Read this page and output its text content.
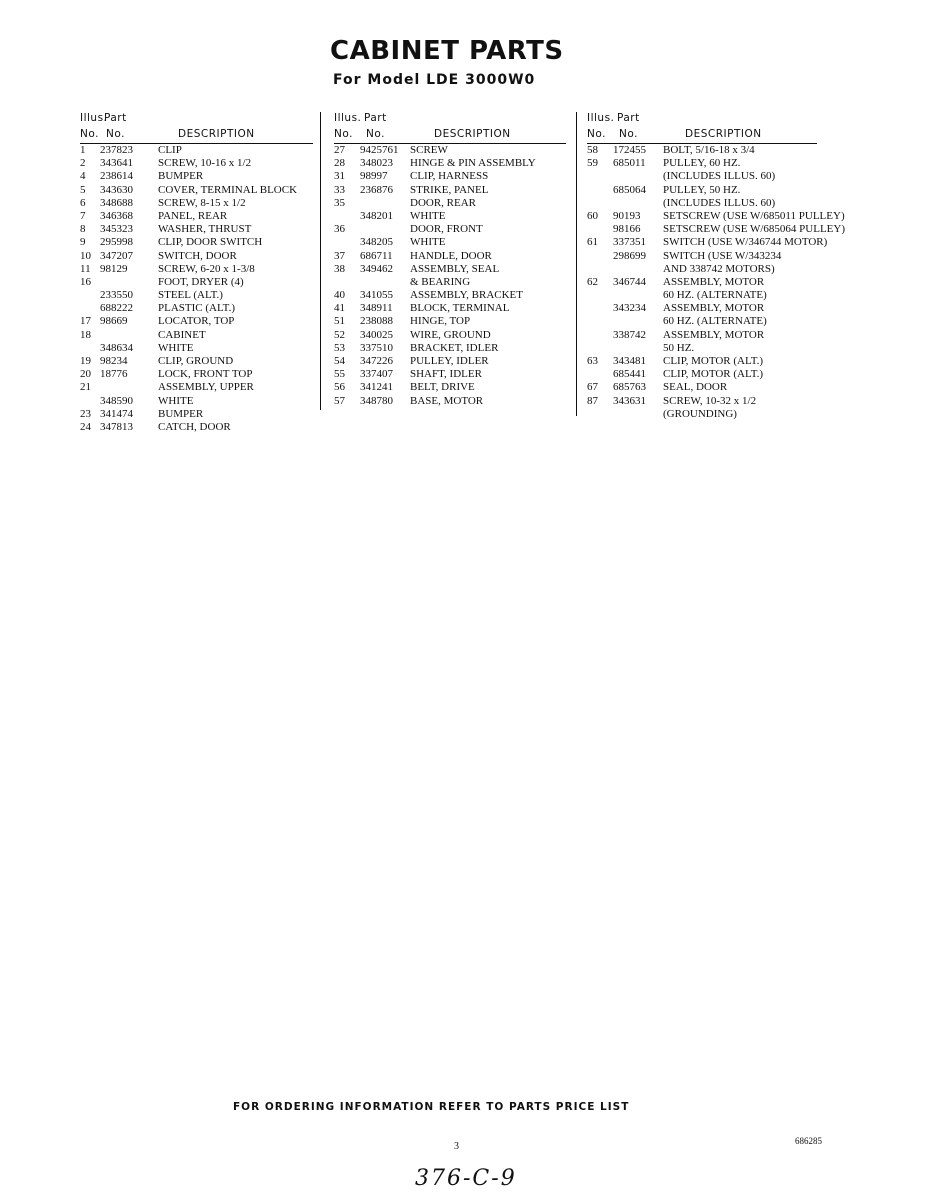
CABINET PARTS
For Model LDE 3000W0
Illus.
Part
No. No.	DESCRIPTION
1 237823 CLIP
2 343641 SCREW, 10-16 x 1/2
4 238614 BUMPER
5 343630 COVER, TERMINAL BLOCK
6 348688 SCREW, 8-15 x 1/2
7 346368 PANEL, REAR
8 345323 WASHER, THRUST
9 295998 CLIP, DOOR SWITCH
10 347207 SWITCH, DOOR
11 98129	SCREW, 6-20 x 1-3/8
16	FOOT, DRYER (4)
233550 STEEL (ALT.)
688222 PLASTIC (ALT.)
17 98669	LOCATOR, TOP
18	CABINET
348634 WHITE
19 98234	CLIP, GROUND
20 18776	LOCK, FRONT TOP
21	ASSEMBLY, UPPER
348590 WHITE
23 341474 BUMPER
24 347813 CATCH, DOOR
Illus. Part
No. No.	DESCRIPTION
27 9425761 SCREW
28 348023 HINGE & PIN ASSEMBLY
31 98997 CLIP, HARNESS
33 236876 STRIKE, PANEL
35	DOOR, REAR
348201 WHITE
36	DOOR, FRONT
348205 WHITE
37 686711 HANDLE, DOOR
38 349462 ASSEMBLY, SEAL
& BEARING
40 341055 ASSEMBLY, BRACKET
41 348911 BLOCK, TERMINAL
51 238088 HINGE, TOP
52 340025 WIRE, GROUND
53 337510 BRACKET, IDLER
54 347226 PULLEY, IDLER
55 337407 SHAFT, IDLER
56 341241 BELT, DRIVE
57 348780 BASE, MOTOR
Illus. Part
No. No.	DESCRIPTION
58 172455 BOLT, 5/16-18 x 3/4
59 685011 PULLEY, 60 HZ.
(INCLUDES ILLUS. 60)
685064 PULLEY, 50 HZ.
(INCLUDES ILLUS. 60)
60 90193 SETSCREW (USE W/685011 PULLEY)
98166 SETSCREW (USE W/685064 PULLEY)
61 337351 SWITCH (USE W/346744 MOTOR)
298699 SWITCH (USE W/343234
AND 338742 MOTORS)
62 346744 ASSEMBLY, MOTOR
60 HZ. (ALTERNATE)
343234 ASSEMBLY, MOTOR
60 HZ. (ALTERNATE)
338742 ASSEMBLY, MOTOR
50 HZ.
63 343481 CLIP, MOTOR (ALT.)
685441 CLIP, MOTOR (ALT.)
67 685763 SEAL, DOOR
87 343631 SCREW, 10-32 x 1/2
(GROUNDING)
FOR ORDERING INFORMATION REFER TO PARTS PRICE LIST
3	686285
376-C-9
